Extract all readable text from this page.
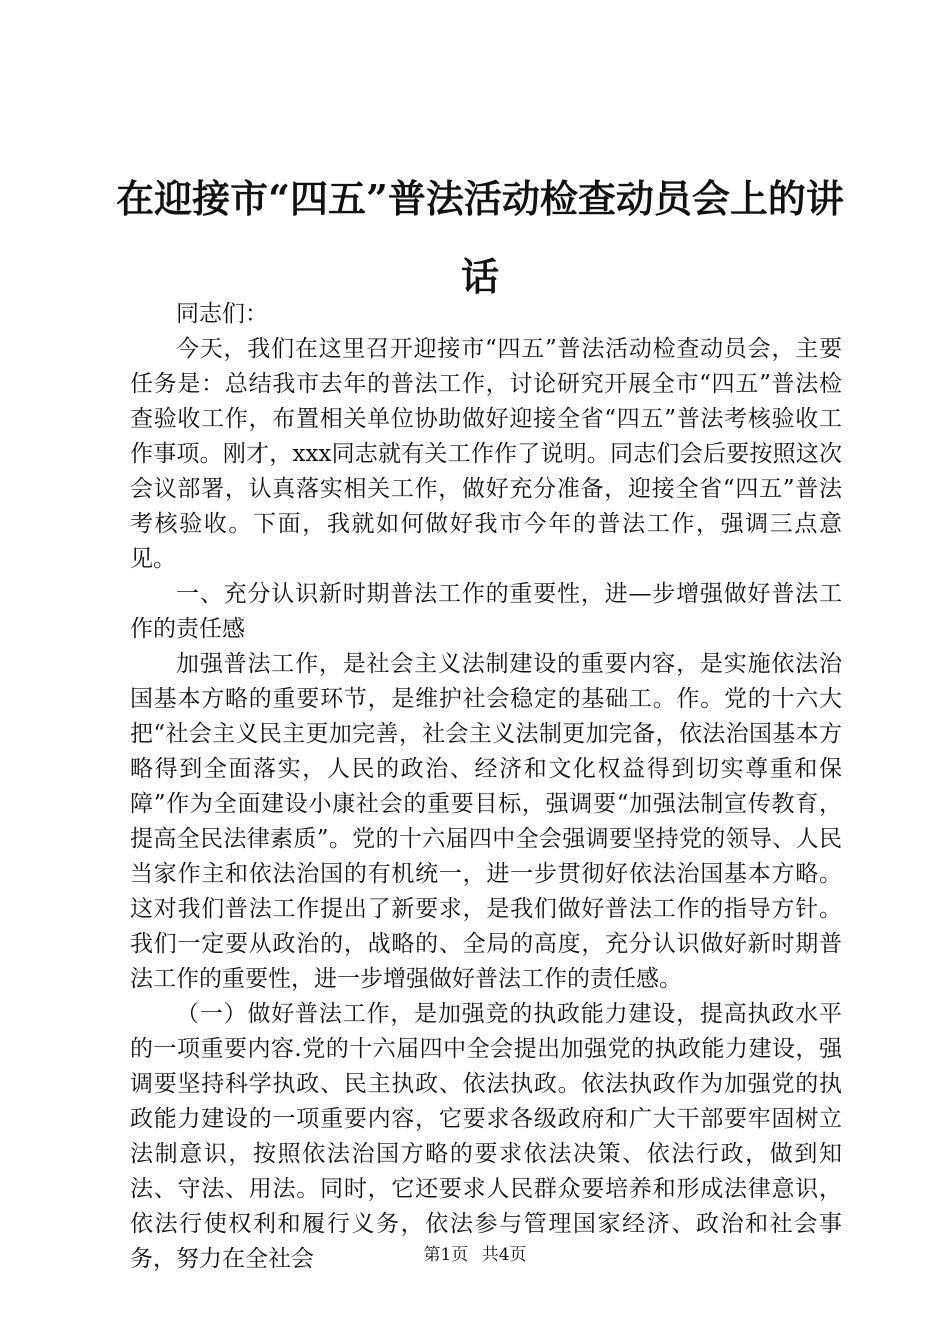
在迎接市“四五”普法活动检查动员会上的讲话

同志们：

今天，我们在这里召开迎接市“四五”普法活动检查动员会，主要任务是：总结我市去年的普法工作，讨论研究开展全市“四五”普法检查验收工作，布置相关单位协助做好迎接全省“四五”普法考核验收工作事项。刚才，xxx同志就有关工作作了说明。同志们会后要按照这次会议部署，认真落实相关工作，做好充分准备，迎接全省“四五”普法考核验收。下面，我就如何做好我市今年的普法工作，强调三点意见。

一、充分认识新时期普法工作的重要性，进—步增强做好普法工作的责任感

加强普法工作，是社会主义法制建设的重要内容，是实施依法治国基本方略的重要环节，是维护社会稳定的基础工。作。党的十六大把“社会主义民主更加完善，社会主义法制更加完备，依法治国基本方略得到全面落实，人民的政治、经济和文化权益得到切实尊重和保障”作为全面建设小康社会的重要目标，强调要“加强法制宣传教育，提高全民法律素质”。党的十六届四中全会强调要坚持党的领导、人民当家作主和依法治国的有机统一，进一步贯彻好依法治国基本方略。这对我们普法工作提出了新要求，是我们做好普法工作的指导方针。我们一定要从政治的，战略的、全局的高度，充分认识做好新时期普法工作的重要性，进一步增强做好普法工作的责任感。

（一）做好普法工作，是加强竞的执政能力建设，提高执政水平的一项重要内容.党的十六届四中全会提出加强党的执政能力建设，强调要坚持科学执政、民主执政、依法执政。依法执政作为加强党的执政能力建设的一项重要内容，它要求各级政府和广大干部要牢固树立法制意识，按照依法治国方略的要求依法决策、依法行政，做到知法、守法、用法。同时，它还要求人民群众要培养和形成法律意识，依法行使权利和履行义务，依法参与管理国家经济、政治和社会事务，努力在全社会	第1页 共4页
